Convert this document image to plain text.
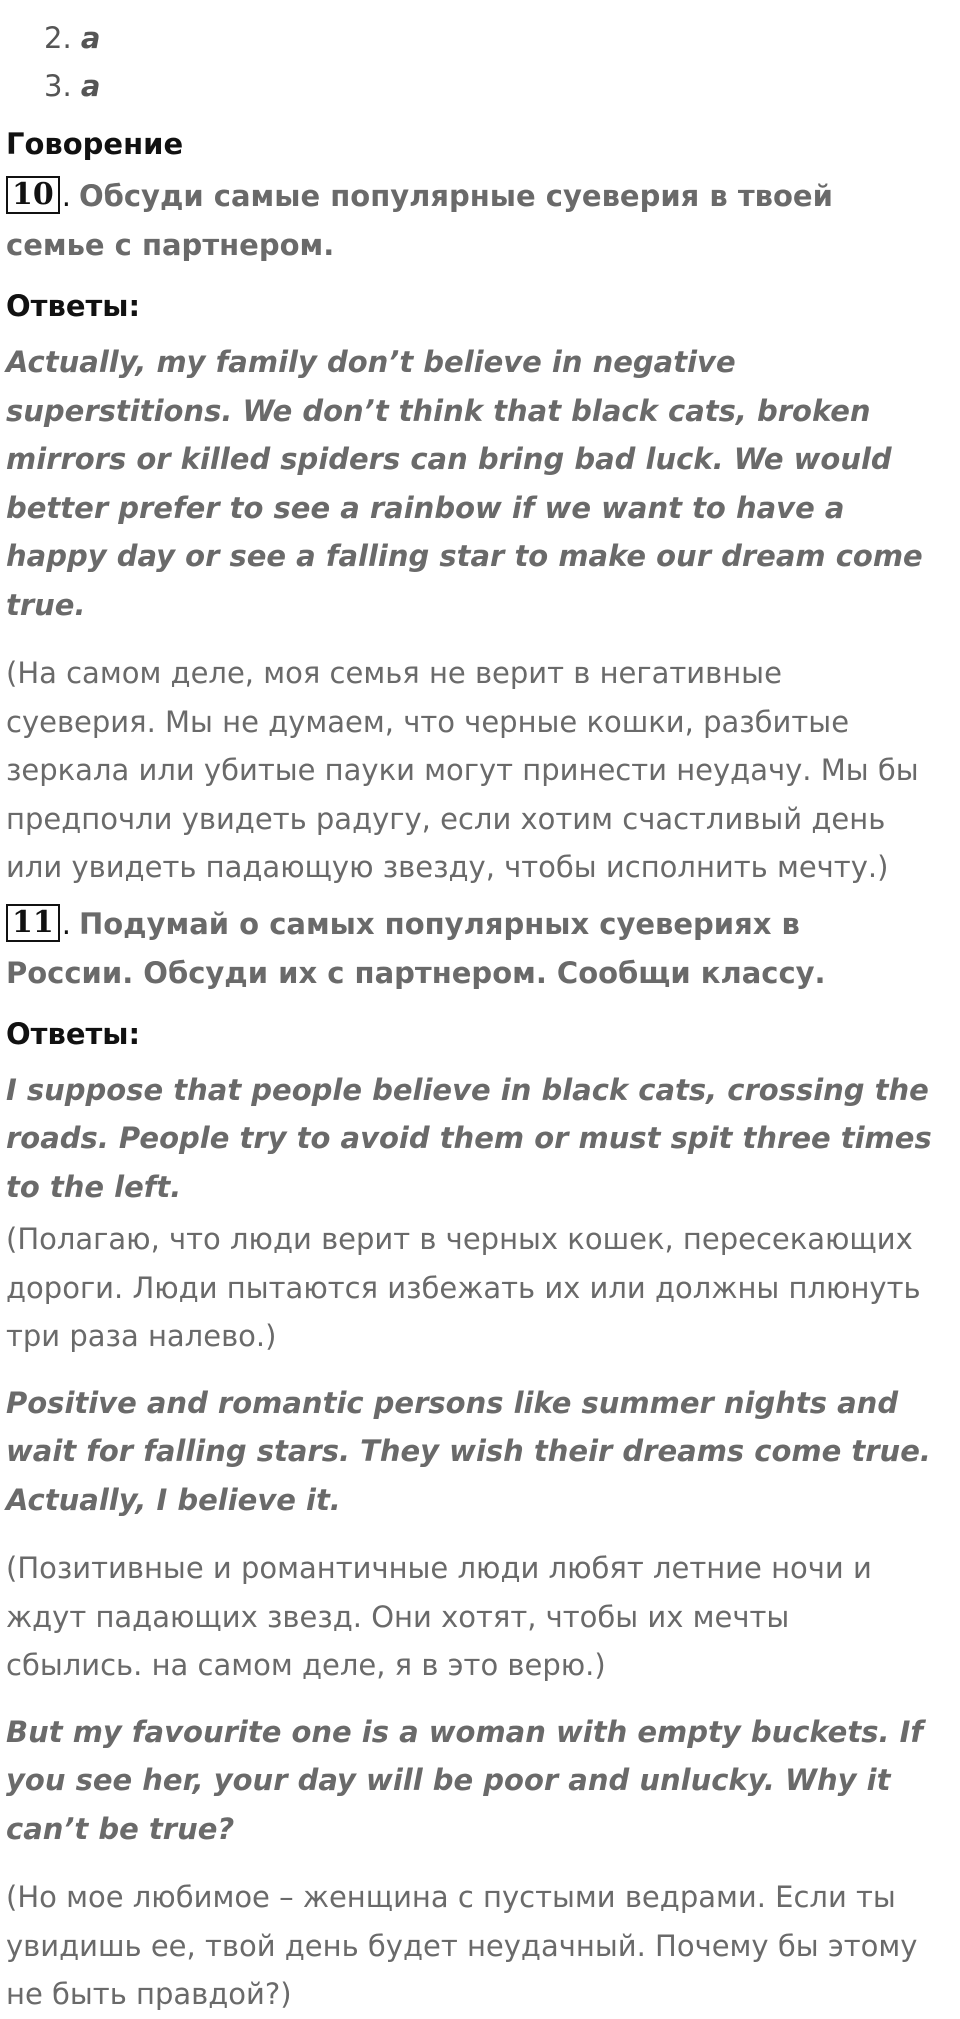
2. a
3. a
Говорение
10 . Обсуди самые популярные суеверия в твоей семье с партнером.
Ответы:
Actually, my family don’t believe in negative superstitions. We don’t think that black cats, broken mirrors or killed spiders can bring bad luck. We would better prefer to see a rainbow if we want to have a happy day or see a falling star to make our dream come true.
(На самом деле, моя семья не верит в негативные суеверия. Мы не думаем, что черные кошки, разбитые зеркала или убитые пауки могут принести неудачу. Мы бы предпочли увидеть радугу, если хотим счастливый день или увидеть падающую звезду, чтобы исполнить мечту.)
11 . Подумай о самых популярных суевериях в России. Обсуди их с партнером. Сообщи классу.
Ответы:
I suppose that people believe in black cats, crossing the roads. People try to avoid them or must spit three times to the left.
(Полагаю, что люди верит в черных кошек, пересекающих дороги. Люди пытаются избежать их или должны плюнуть три раза налево.)
Positive and romantic persons like summer nights and wait for falling stars. They wish their dreams come true. Actually, I believe it.
(Позитивные и романтичные люди любят летние ночи и ждут падающих звезд. Они хотят, чтобы их мечты сбылись. на самом деле, я в это верю.)
But my favourite one is a woman with empty buckets. If you see her, your day will be poor and unlucky. Why it can’t be true?
(Но мое любимое – женщина с пустыми ведрами. Если ты увидишь ее, твой день будет неудачный. Почему бы этому не быть правдой?)
